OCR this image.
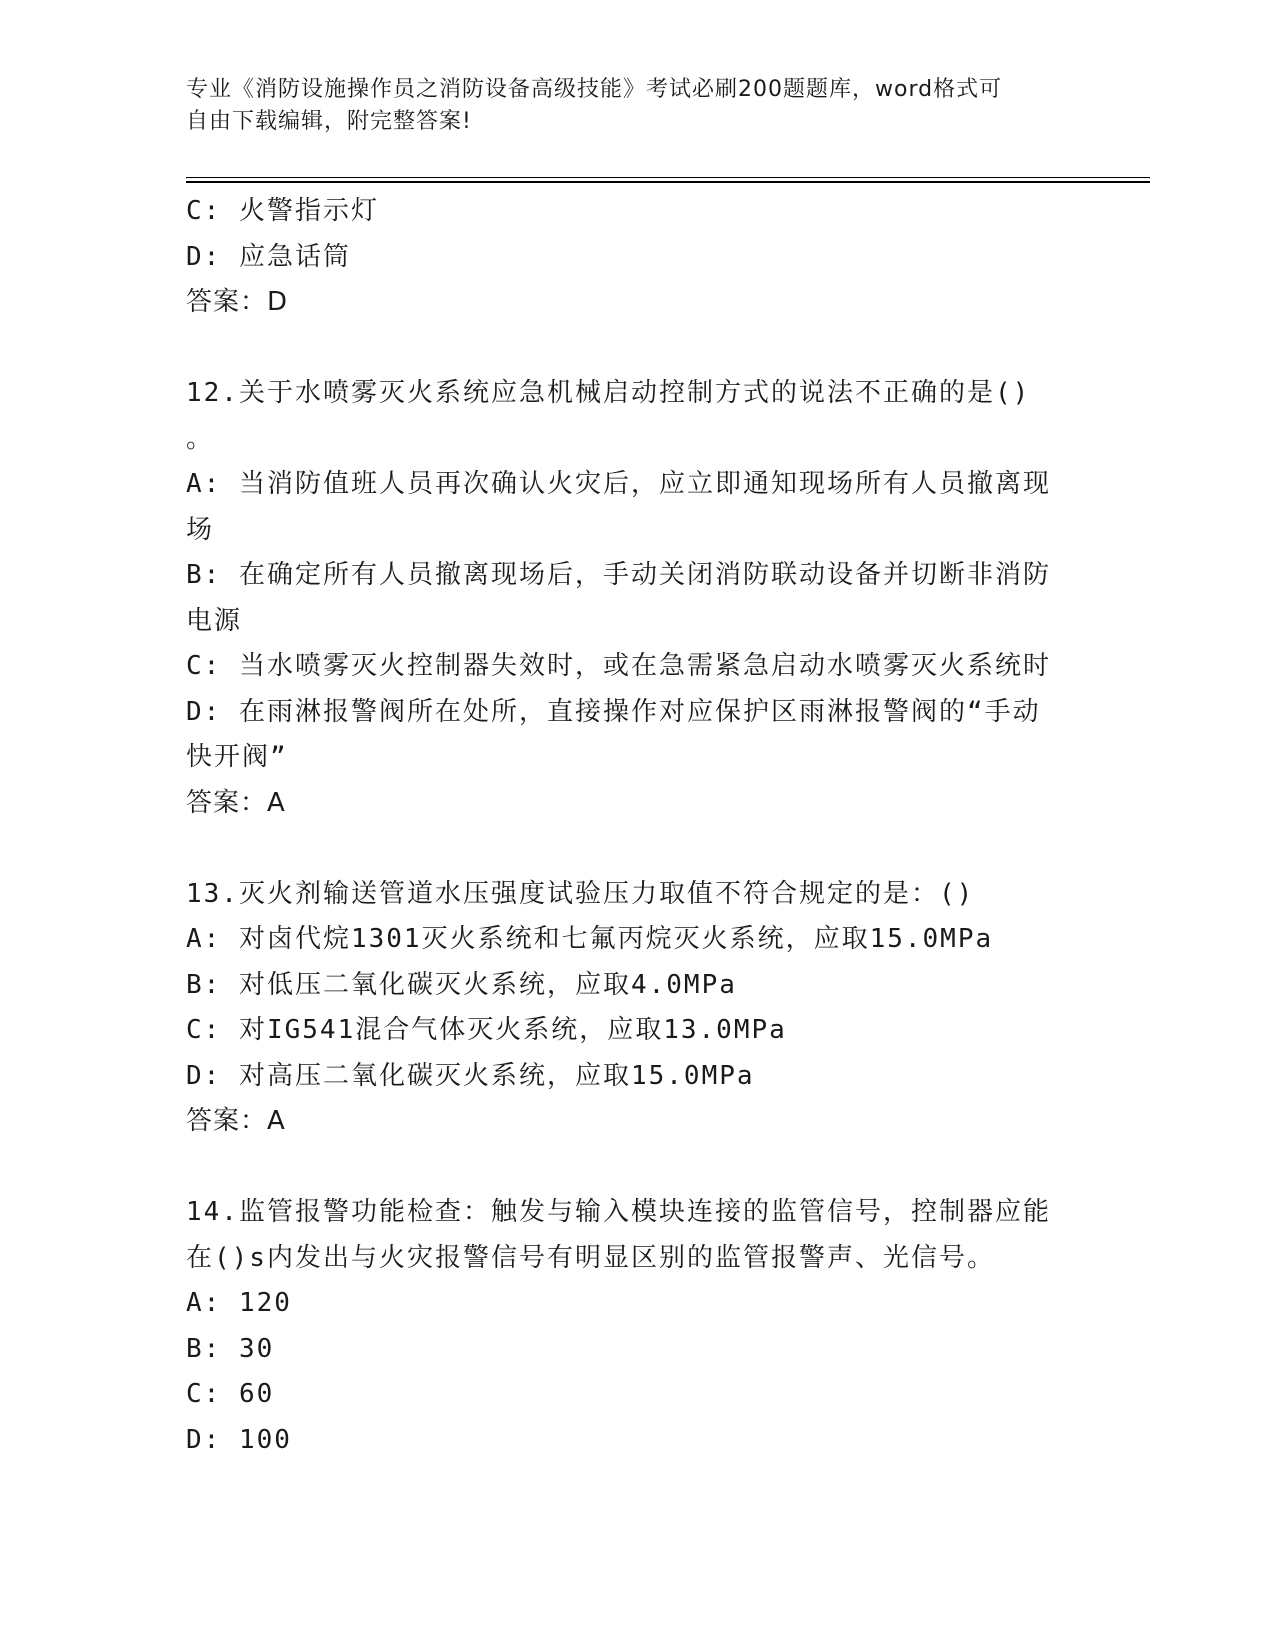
专业《消防设施操作员之消防设备高级技能》考试必刷200题题库，word格式可
自由下载编辑，附完整答案!
C: 火警指示灯
D: 应急话筒
答案：D
12.关于水喷雾灭火系统应急机械启动控制方式的说法不正确的是()
。
A: 当消防值班人员再次确认火灾后，应立即通知现场所有人员撤离现
场
B: 在确定所有人员撤离现场后，手动关闭消防联动设备并切断非消防
电源
C: 当水喷雾灭火控制器失效时，或在急需紧急启动水喷雾灭火系统时
D: 在雨淋报警阀所在处所，直接操作对应保护区雨淋报警阀的“手动
快开阀”
答案：A
13.灭火剂输送管道水压强度试验压力取值不符合规定的是：()
A: 对卤代烷1301灭火系统和七氟丙烷灭火系统，应取15.0MPa
B: 对低压二氧化碳灭火系统，应取4.0MPa
C: 对IG541混合气体灭火系统，应取13.0MPa
D: 对高压二氧化碳灭火系统，应取15.0MPa
答案：A
14.监管报警功能检查：触发与输入模块连接的监管信号，控制器应能
在()s内发出与火灾报警信号有明显区别的监管报警声、光信号。
A: 120
B: 30
C: 60
D: 100
